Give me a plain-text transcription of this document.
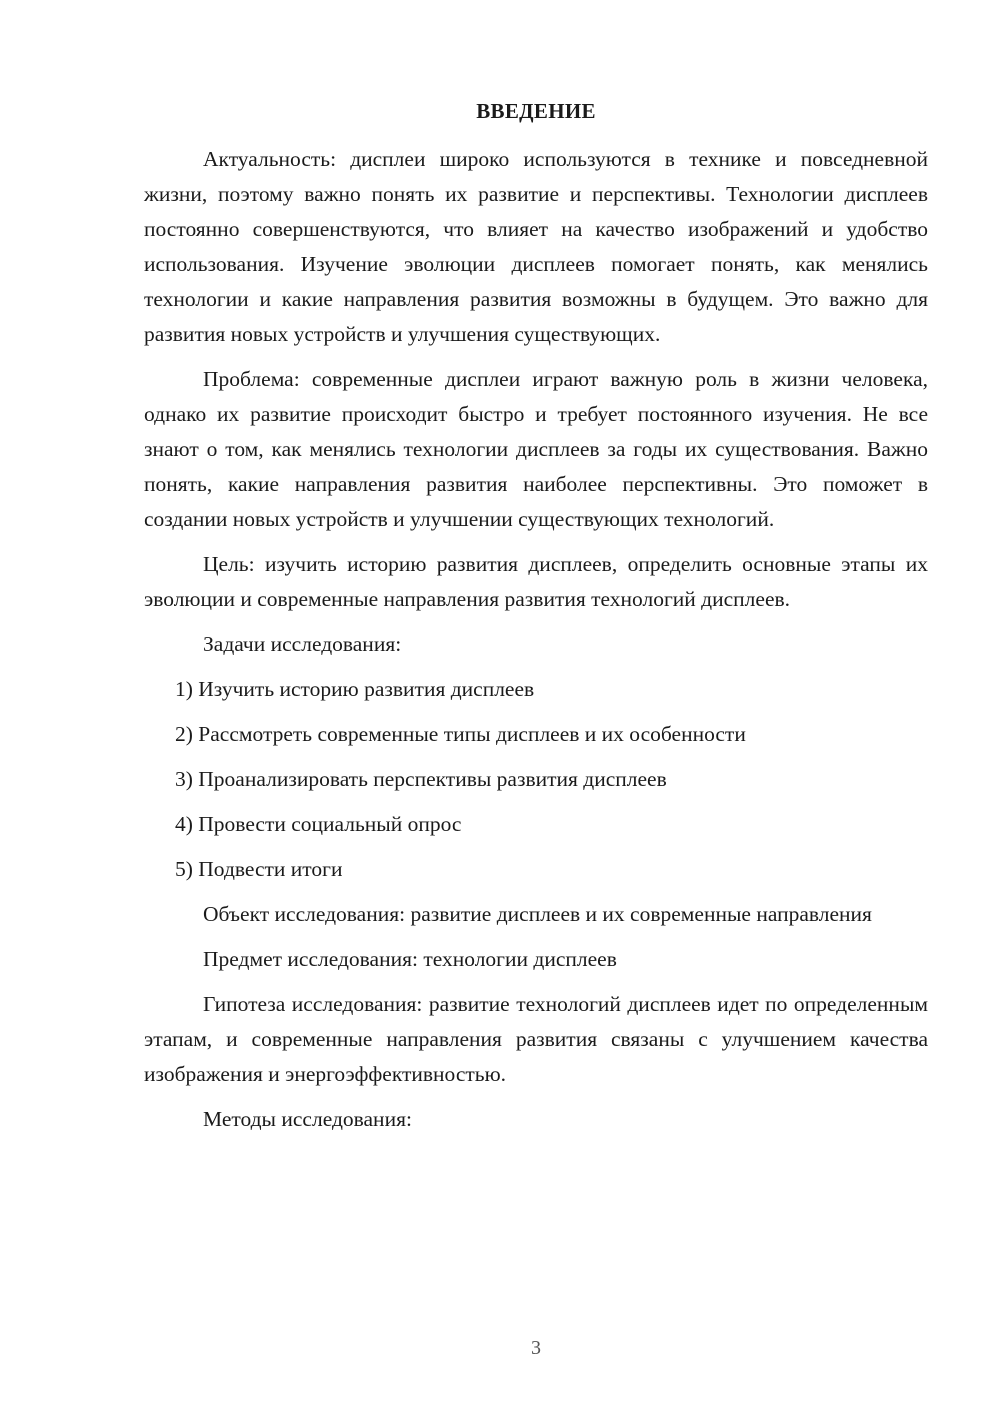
ВВЕДЕНИЕ

Актуальность: дисплеи широко используются в технике и повседневной жизни, поэтому важно понять их развитие и перспективы. Технологии дисплеев постоянно совершенствуются, что влияет на качество изображений и удобство использования. Изучение эволюции дисплеев помогает понять, как менялись технологии и какие направления развития возможны в будущем. Это важно для развития новых устройств и улучшения существующих.

Проблема: современные дисплеи играют важную роль в жизни человека, однако их развитие происходит быстро и требует постоянного изучения. Не все знают о том, как менялись технологии дисплеев за годы их существования. Важно понять, какие направления развития наиболее перспективны. Это поможет в создании новых устройств и улучшении существующих технологий.

Цель: изучить историю развития дисплеев, определить основные этапы их эволюции и современные направления развития технологий дисплеев.

Задачи исследования:

1) Изучить историю развития дисплеев
2) Рассмотреть современные типы дисплеев и их особенности
3) Проанализировать перспективы развития дисплеев
4) Провести социальный опрос
5) Подвести итоги

Объект исследования: развитие дисплеев и их современные направления

Предмет исследования: технологии дисплеев

Гипотеза исследования: развитие технологий дисплеев идет по определенным этапам, и современные направления развития связаны с улучшением качества изображения и энергоэффективностью.

Методы исследования:

3
